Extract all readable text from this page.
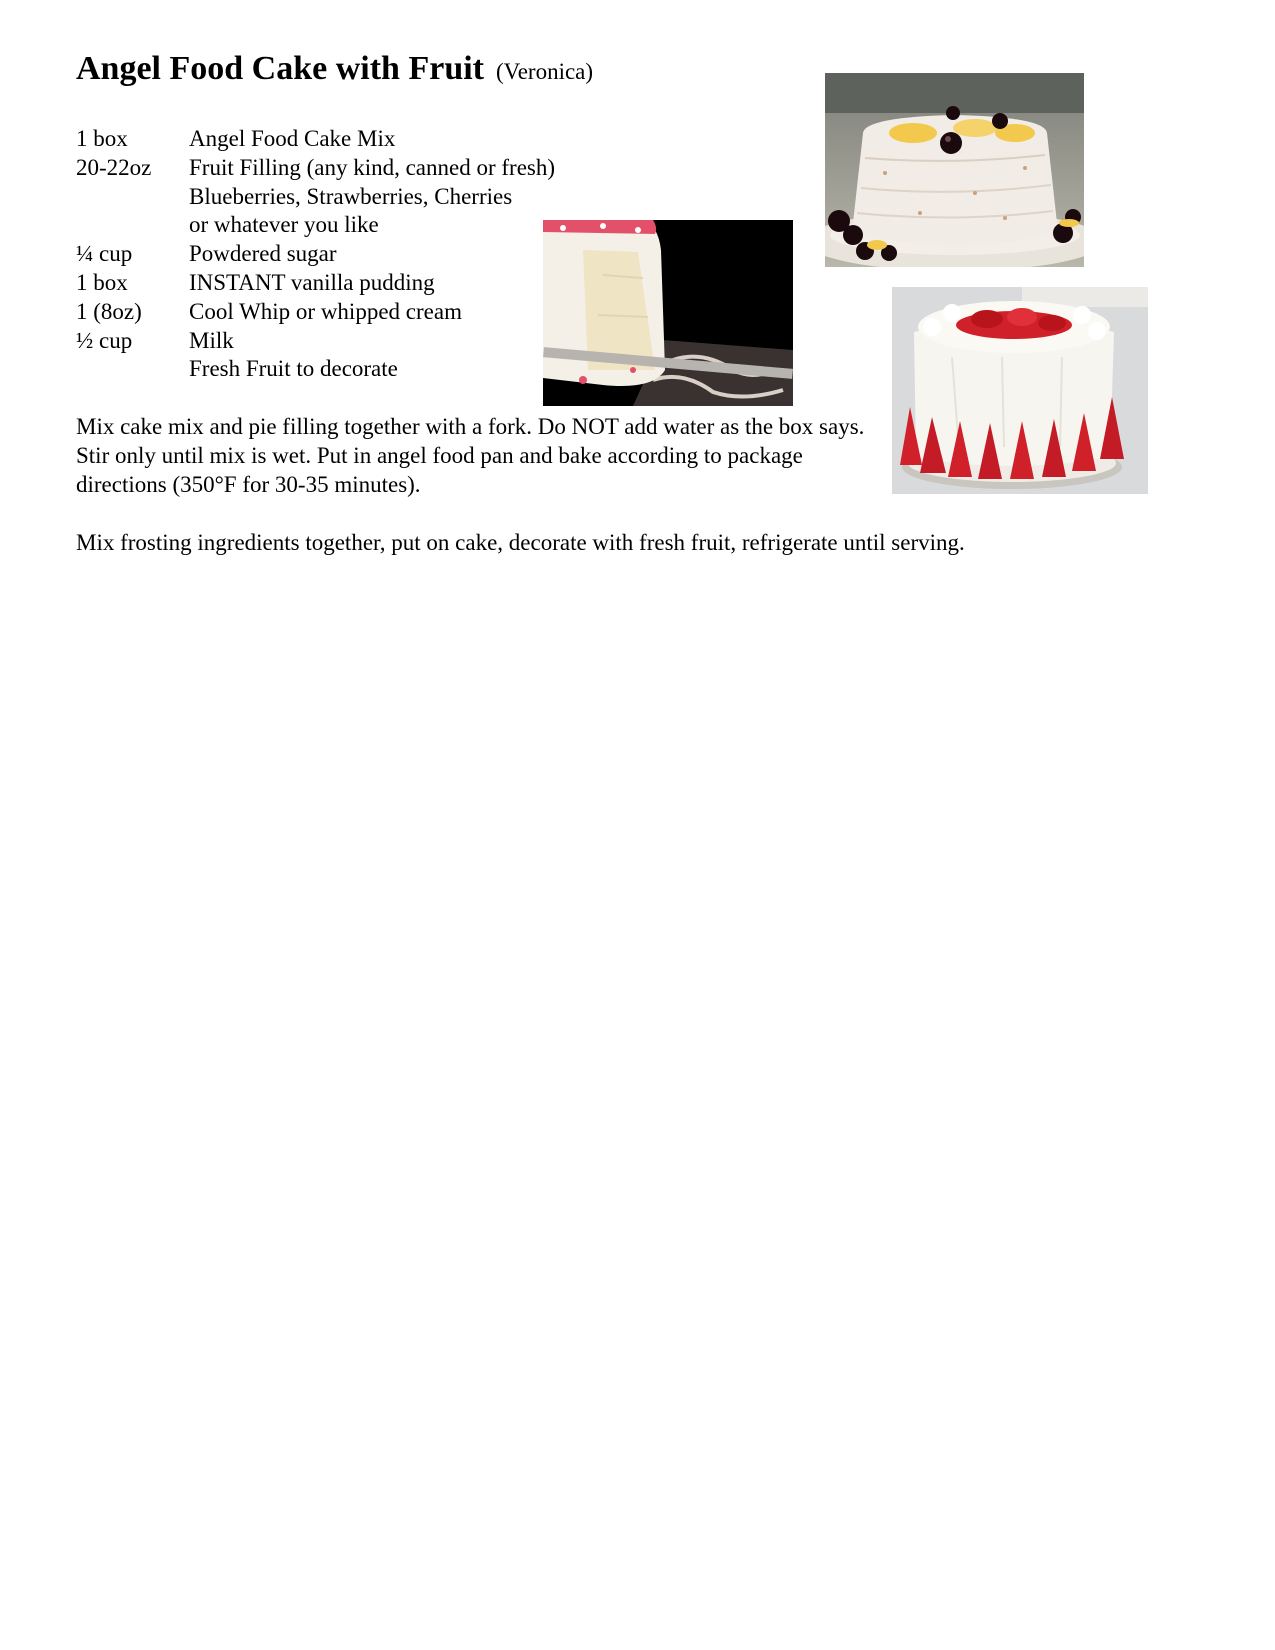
Angel Food Cake with Fruit (Veronica)
1 box	Angel Food Cake Mix
20-22oz	Fruit Filling (any kind, canned or fresh)
Blueberries, Strawberries, Cherries
or whatever you like
¼ cup	Powdered sugar
1 box	INSTANT vanilla pudding
1 (8oz)	Cool Whip or whipped cream
½ cup	Milk
Fresh Fruit to decorate

Mix cake mix and pie filling together with a fork. Do NOT add water as the box says. Stir only until mix is wet. Put in angel food pan and bake according to package directions (350°F for 30-35 minutes).

Mix frosting ingredients together, put on cake, decorate with fresh fruit, refrigerate until serving.
